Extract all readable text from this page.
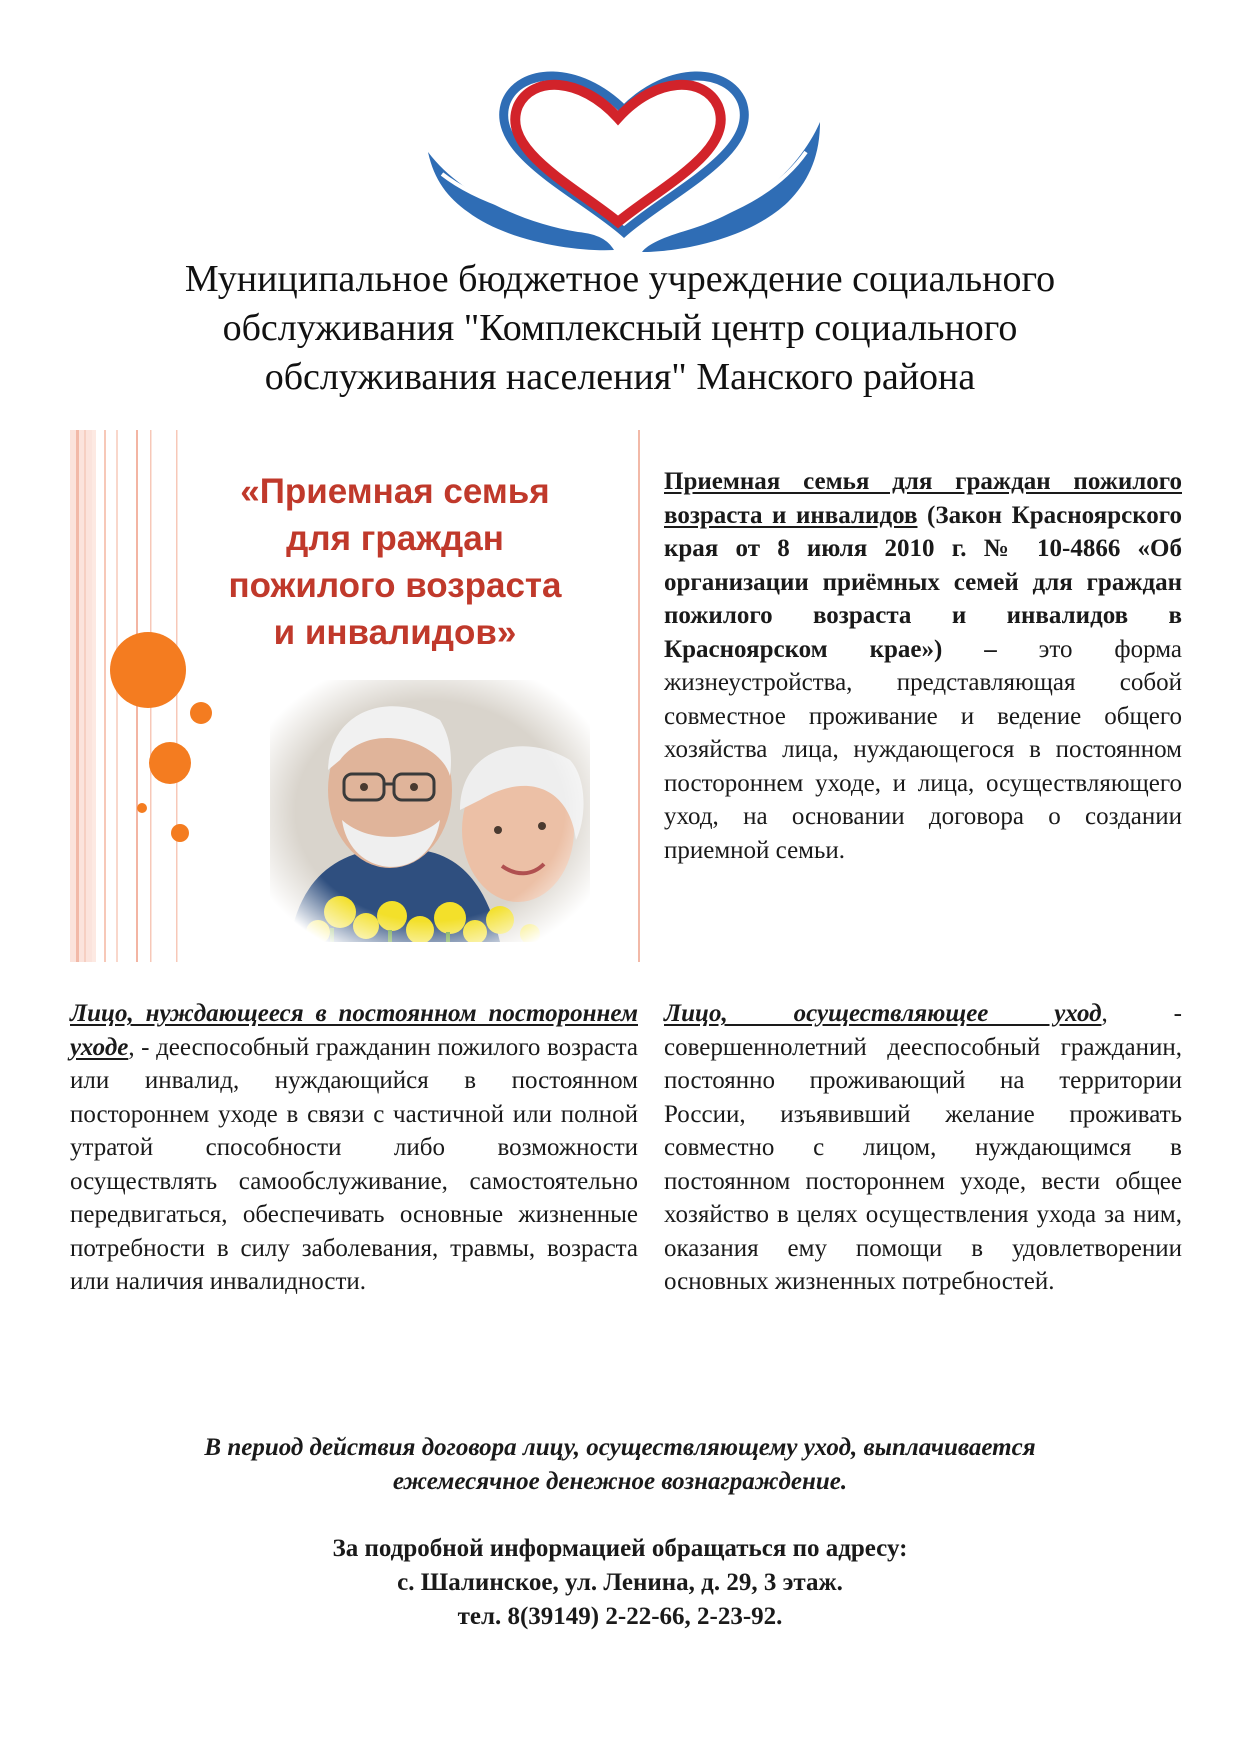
Муниципальное бюджетное учреждение социального
обслуживания "Комплексный центр социального
обслуживания населения" Манского района
«Приемная семья
для граждан
пожилого возраста
и инвалидов»
Приемная семья для граждан пожилого возраста и инвалидов (Закон Красноярского края от 8 июля 2010 г. № 10-4866 «Об организации приёмных семей для граждан пожилого возраста и инвалидов в Красноярском крае») – это форма жизнеустройства, представляющая собой совместное проживание и ведение общего хозяйства лица, нуждающегося в постоянном постороннем уходе, и лица, осуществляющего уход, на основании договора о создании приемной семьи.
Лицо, нуждающееся в постоянном постороннем уходе, - дееспособный гражданин пожилого возраста или инвалид, нуждающийся в постоянном постороннем уходе в связи с частичной или полной утратой способности либо возможности осуществлять самообслуживание, самостоятельно передвигаться, обеспечивать основные жизненные потребности в силу заболевания, травмы, возраста или наличия инвалидности.
Лицо, осуществляющее уход, - совершеннолетний дееспособный гражданин, постоянно проживающий на территории России, изъявивший желание проживать совместно с лицом, нуждающимся в постоянном постороннем уходе, вести общее хозяйство в целях осуществления ухода за ним, оказания ему помощи в удовлетворении основных жизненных потребностей.
В период действия договора лицу, осуществляющему уход, выплачивается
ежемесячное денежное вознаграждение.
За подробной информацией обращаться по адресу:
с. Шалинское, ул. Ленина, д. 29, 3 этаж.
тел. 8(39149) 2-22-66, 2-23-92.
